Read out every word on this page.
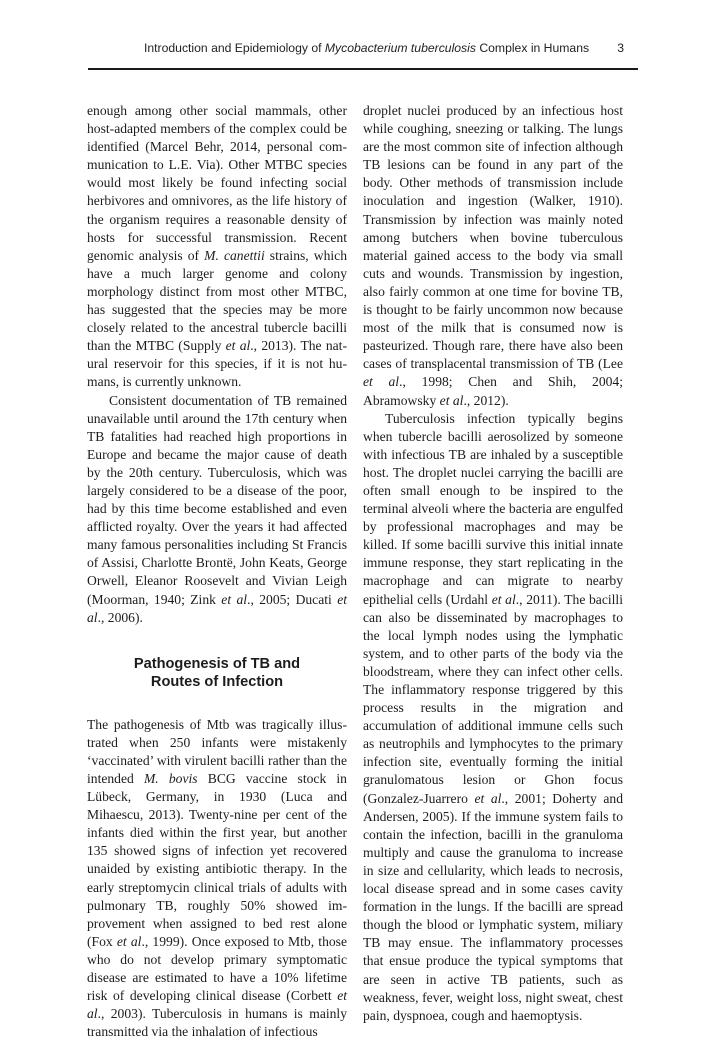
Introduction and Epidemiology of Mycobacterium tuberculosis Complex in Humans 3

enough among other social mammals, other host-adapted members of the complex could be identified (Marcel Behr, 2014, personal communication to L.E. Via). Other MTBC species would most likely be found infecting social herbivores and omnivores, as the life history of the organism requires a reasonable density of hosts for successful transmission. Recent genomic analysis of M. canettii strains, which have a much larger genome and colony morphology distinct from most other MTBC, has suggested that the species may be more closely related to the ancestral tubercle bacilli than the MTBC (Supply et al., 2013). The natural reservoir for this species, if it is not humans, is currently unknown.

Consistent documentation of TB remained unavailable until around the 17th century when TB fatalities had reached high proportions in Europe and became the major cause of death by the 20th century. Tuberculosis, which was largely considered to be a disease of the poor, had by this time become established and even afflicted royalty. Over the years it had affected many famous personalities including St Francis of Assisi, Charlotte Brontë, John Keats, George Orwell, Eleanor Roosevelt and Vivian Leigh (Moorman, 1940; Zink et al., 2005; Ducati et al., 2006).

Pathogenesis of TB and
Routes of Infection

The pathogenesis of Mtb was tragically illustrated when 250 infants were mistakenly ‘vaccinated’ with virulent bacilli rather than the intended M. bovis BCG vaccine stock in Lübeck, Germany, in 1930 (Luca and Mihaescu, 2013). Twenty-nine per cent of the infants died within the first year, but another 135 showed signs of infection yet recovered unaided by existing antibiotic therapy. In the early streptomycin clinical trials of adults with pulmonary TB, roughly 50% showed improvement when assigned to bed rest alone (Fox et al., 1999). Once exposed to Mtb, those who do not develop primary symptomatic disease are estimated to have a 10% lifetime risk of developing clinical disease (Corbett et al., 2003). Tuberculosis in humans is mainly transmitted via the inhalation of infectious

droplet nuclei produced by an infectious host while coughing, sneezing or talking. The lungs are the most common site of infection although TB lesions can be found in any part of the body. Other methods of transmission include inoculation and ingestion (Walker, 1910). Transmission by infection was mainly noted among butchers when bovine tuberculous material gained access to the body via small cuts and wounds. Transmission by ingestion, also fairly common at one time for bovine TB, is thought to be fairly uncommon now because most of the milk that is consumed now is pasteurized. Though rare, there have also been cases of transplacental transmission of TB (Lee et al., 1998; Chen and Shih, 2004; Abramowsky et al., 2012).

Tuberculosis infection typically begins when tubercle bacilli aerosolized by someone with infectious TB are inhaled by a susceptible host. The droplet nuclei carrying the bacilli are often small enough to be inspired to the terminal alveoli where the bacteria are engulfed by professional macrophages and may be killed. If some bacilli survive this initial innate immune response, they start replicating in the macrophage and can migrate to nearby epithelial cells (Urdahl et al., 2011). The bacilli can also be disseminated by macrophages to the local lymph nodes using the lymphatic system, and to other parts of the body via the bloodstream, where they can infect other cells. The inflammatory response triggered by this process results in the migration and accumulation of additional immune cells such as neutrophils and lymphocytes to the primary infection site, eventually forming the initial granulomatous lesion or Ghon focus (Gonzalez-Juarrero et al., 2001; Doherty and Andersen, 2005). If the immune system fails to contain the infection, bacilli in the granuloma multiply and cause the granuloma to increase in size and cellularity, which leads to necrosis, local disease spread and in some cases cavity formation in the lungs. If the bacilli are spread though the blood or lymphatic system, miliary TB may ensue. The inflammatory processes that ensue produce the typical symptoms that are seen in active TB patients, such as weakness, fever, weight loss, night sweat, chest pain, dyspnoea, cough and haemoptysis.
